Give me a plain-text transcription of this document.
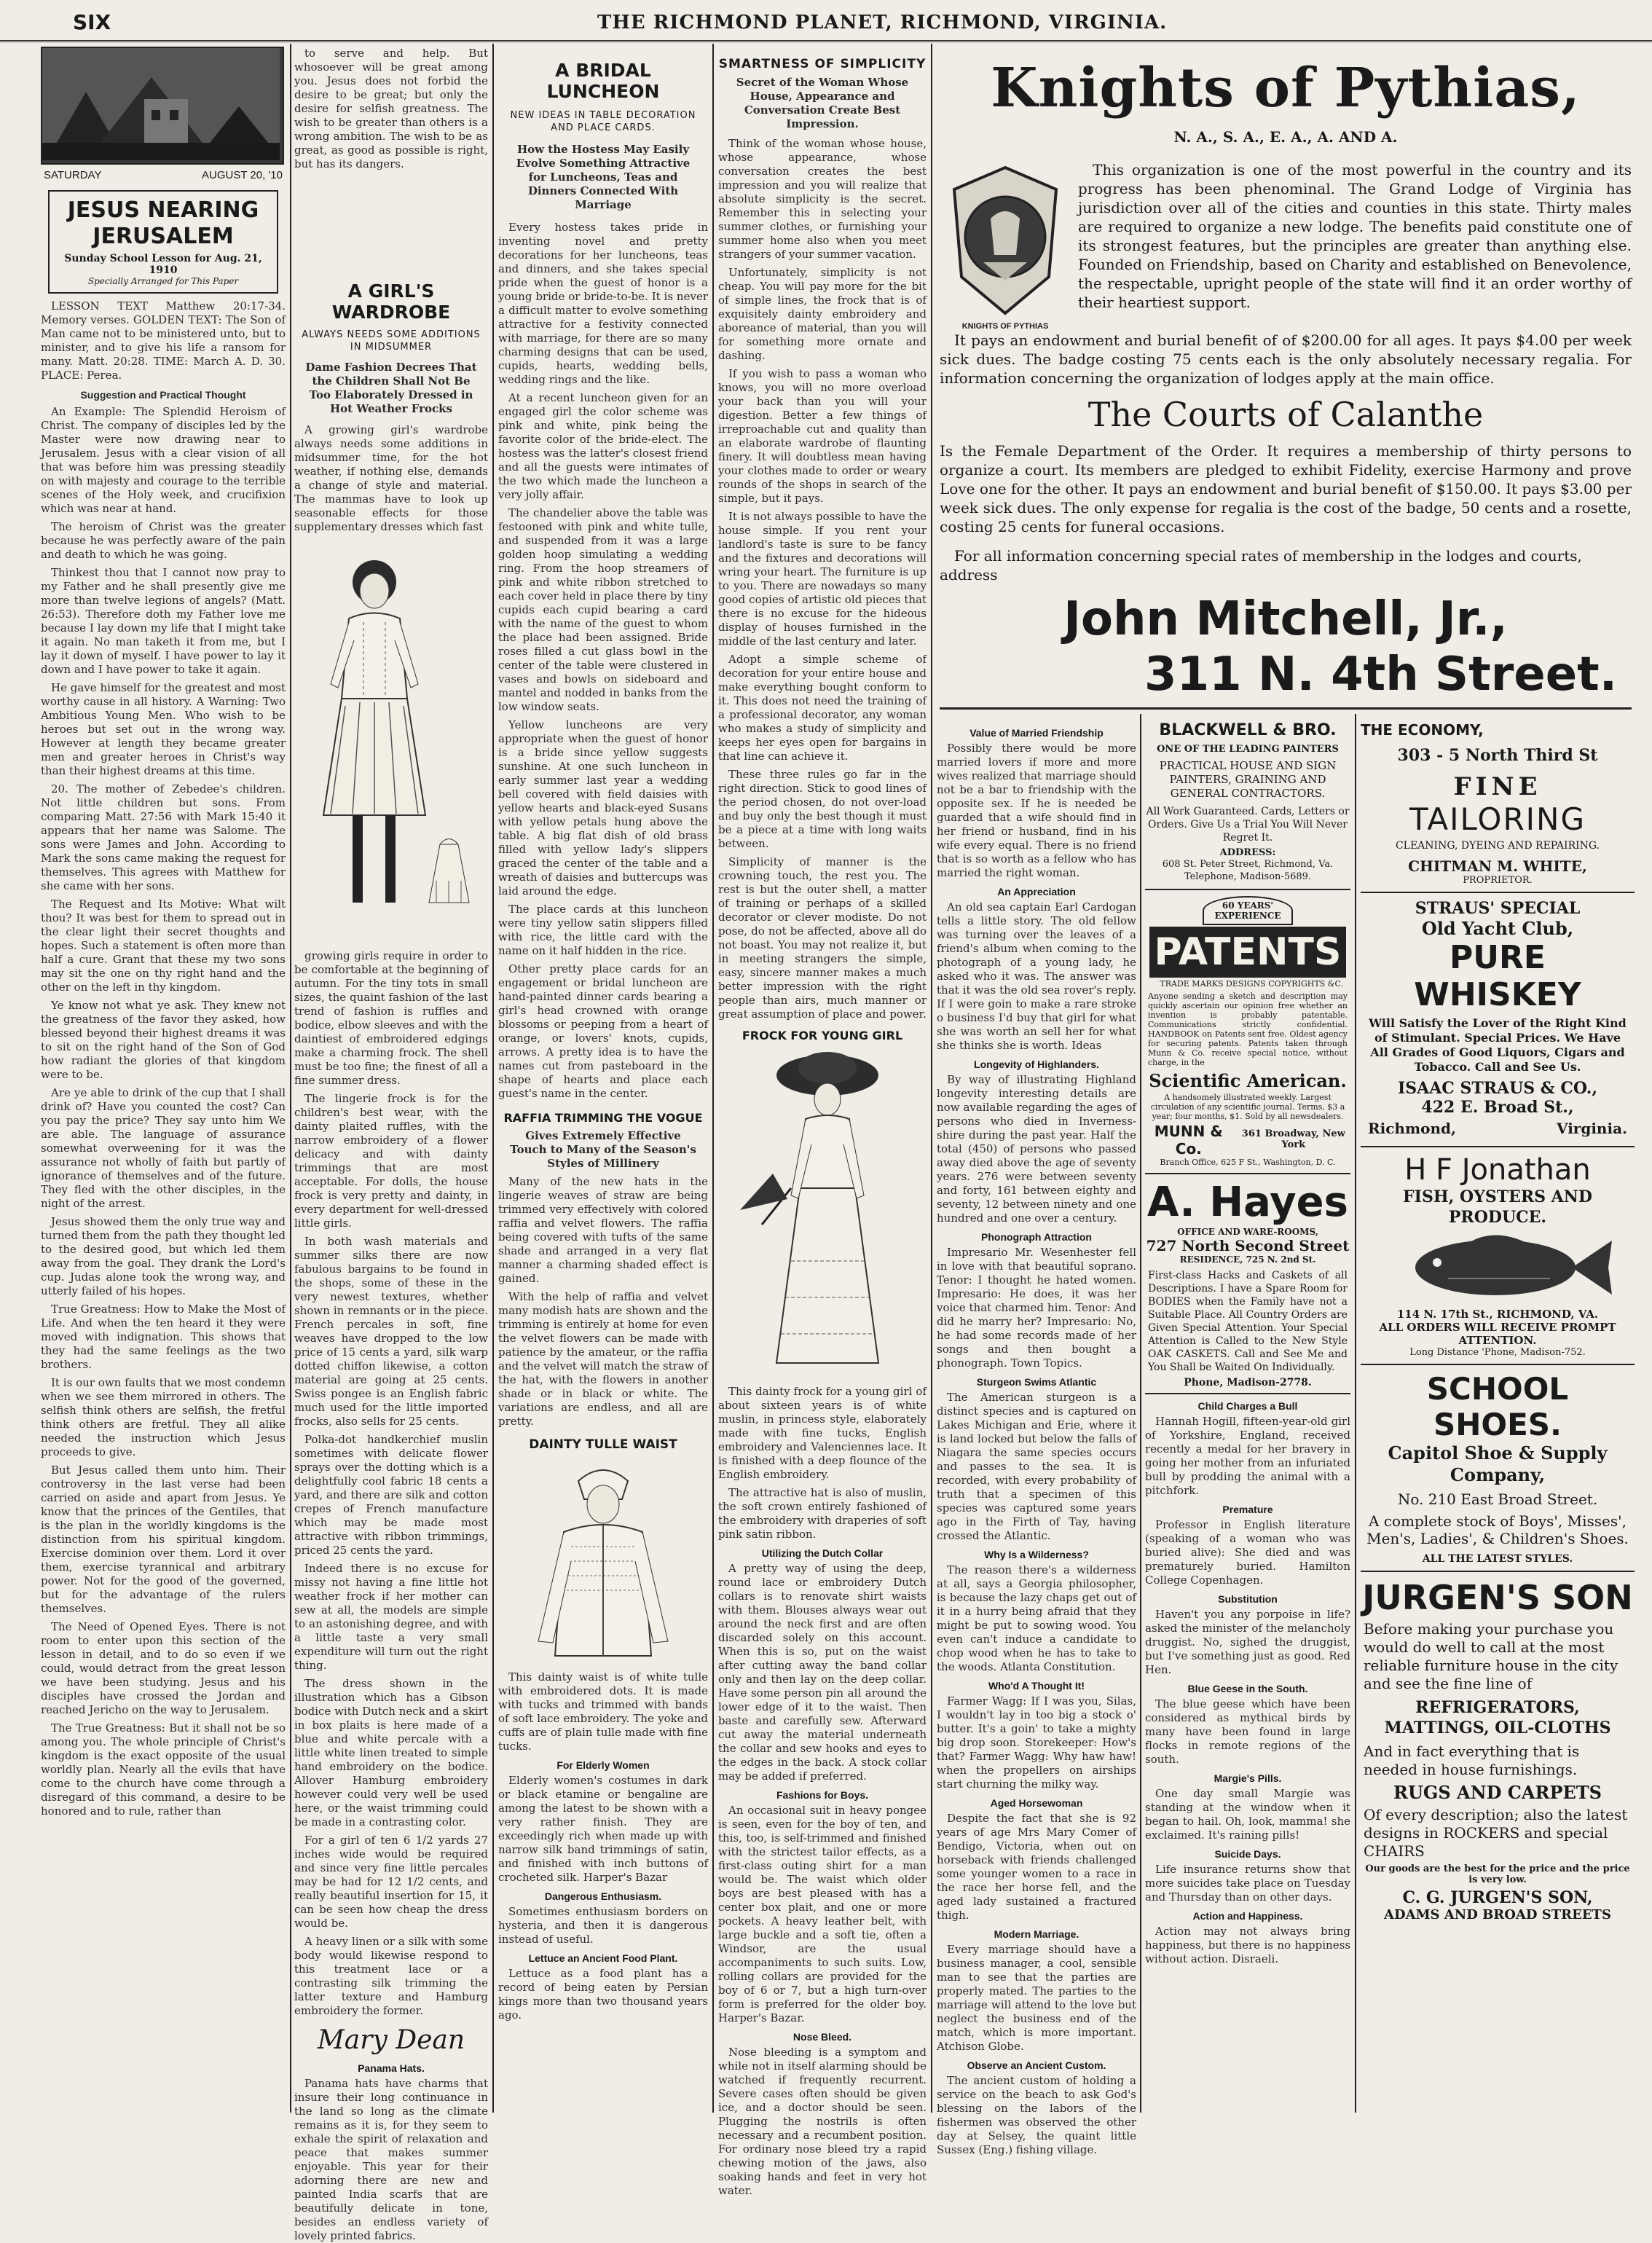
SIX	THE RICHMOND PLANET, RICHMOND, VIRGINIA.
SATURDAY	AUGUST 20, '10
JESUS NEARING JERUSALEM
Sunday School Lesson for Aug. 21, 1910
Specially Arranged for This Paper

LESSON TEXT Matthew 20:17-34. Memory verses. GOLDEN TEXT: The Son of Man came not to be ministered unto, but to minister, and to give his life a ransom for many. Matt. 20:28. TIME: March A. D. 30. PLACE: Perea.

Suggestion and Practical Thought

An Example: The Splendid Heroism of Christ. The company of disciples led by the Master were now drawing near to Jerusalem. Jesus with a clear vision of all that was before him was pressing steadily on with majesty and courage to the terrible scenes of the Holy week, and crucifixion which was near at hand.

The heroism of Christ was the greater because he was perfectly aware of the pain and death to which he was going.

Thinkest thou that I cannot now pray to my Father and he shall presently give me more than twelve legions of angels? (Matt. 26:53). Therefore doth my Father love me because I lay down my life that I might take it again. No man taketh it from me, but I lay it down of myself. I have power to lay it down and I have power to take it again.

He gave himself for the greatest and most worthy cause in all history. A Warning: Two Ambitious Young Men. Who wish to be heroes but set out in the wrong way. However at length they became greater men and greater heroes in Christ's way than their highest dreams at this time.

20. The mother of Zebedee's children. Not little children but sons. From comparing Matt. 27:56 with Mark 15:40 it appears that her name was Salome. The sons were James and John. According to Mark the sons came making the request for themselves. This agrees with Matthew for she came with her sons.

The Request and Its Motive: What wilt thou? It was best for them to spread out in the clear light their secret thoughts and hopes. Such a statement is often more than half a cure. Grant that these my two sons may sit the one on thy right hand and the other on the left in thy kingdom.

Ye know not what ye ask. They knew not the greatness of the favor they asked, how blessed beyond their highest dreams it was to sit on the right hand of the Son of God how radiant the glories of that kingdom were to be.

Are ye able to drink of the cup that I shall drink of? Have you counted the cost? Can you pay the price? They say unto him We are able. The language of assurance somewhat overweening for it was the assurance not wholly of faith but partly of ignorance of themselves and of the future. They fled with the other disciples, in the night of the arrest.

Jesus showed them the only true way and turned them from the path they thought led to the desired good, but which led them away from the goal. They drank the Lord's cup. Judas alone took the wrong way, and utterly failed of his hopes.

True Greatness: How to Make the Most of Life. And when the ten heard it they were moved with indignation. This shows that they had the same feelings as the two brothers.

It is our own faults that we most condemn when we see them mirrored in others. The selfish think others are selfish, the fretful think others are fretful. They all alike needed the instruction which Jesus proceeds to give.

But Jesus called them unto him. Their controversy in the last verse had been carried on aside and apart from Jesus. Ye know that the princes of the Gentiles, that is the plan in the worldly kingdoms is the distinction from his spiritual kingdom. Exercise dominion over them. Lord it over them, exercise tyrannical and arbitrary power. Not for the good of the governed, but for the advantage of the rulers themselves.

The Need of Opened Eyes. There is not room to enter upon this section of the lesson in detail, and to do so even if we could, would detract from the great lesson we have been studying. Jesus and his disciples have crossed the Jordan and reached Jericho on the way to Jerusalem.

The True Greatness: But it shall not be so among you. The whole principle of Christ's kingdom is the exact opposite of the usual worldly plan. Nearly all the evils that have come to the church have come through a disregard of this command, a desire to be honored and to rule, rather than

to serve and help. But whosoever will be great among you. Jesus does not forbid the desire to be great; but only the desire for selfish greatness. The wish to be greater than others is a wrong ambition. The wish to be as great, as good as possible is right, but has its dangers.

A GIRL'S WARDROBE
ALWAYS NEEDS SOME ADDITIONS IN MIDSUMMER
Dame Fashion Decrees That the Children Shall Not Be Too Elaborately Dressed in Hot Weather Frocks

A growing girl's wardrobe always needs some additions in midsummer time, for the hot weather, if nothing else, demands a change of style and material. The mammas have to look up seasonable effects for those supplementary dresses which fast

growing girls require in order to be comfortable at the beginning of autumn. For the tiny tots in small sizes, the quaint fashion of the last trend of fashion is ruffles and bodice, elbow sleeves and with the daintiest of embroidered edgings make a charming frock. The shell must be too fine; the finest of all a fine summer dress.

The lingerie frock is for the children's best wear, with the dainty plaited ruffles, with the narrow embroidery of a flower delicacy and with dainty trimmings that are most acceptable. For dolls, the house frock is very pretty and dainty, in every department for well-dressed little girls.

In both wash materials and summer silks there are now fabulous bargains to be found in the shops, some of these in the very newest textures, whether shown in remnants or in the piece. French percales in soft, fine weaves have dropped to the low price of 15 cents a yard, silk warp dotted chiffon likewise, a cotton material are going at 25 cents. Swiss pongee is an English fabric much used for the little imported frocks, also sells for 25 cents.

Polka-dot handkerchief muslin sometimes with delicate flower sprays over the dotting which is a delightfully cool fabric 18 cents a yard, and there are silk and cotton crepes of French manufacture which may be made most attractive with ribbon trimmings, priced 25 cents the yard.

Indeed there is no excuse for missy not having a fine little hot weather frock if her mother can sew at all, the models are simple to an astonishing degree, and with a little taste a very small expenditure will turn out the right thing.

The dress shown in the illustration which has a Gibson bodice with Dutch neck and a skirt in box plaits is here made of a blue and white percale with a little white linen treated to simple hand embroidery on the bodice. Allover Hamburg embroidery however could very well be used here, or the waist trimming could be made in a contrasting color.

For a girl of ten 6 1/2 yards 27 inches wide would be required and since very fine little percales may be had for 12 1/2 cents, and really beautiful insertion for 15, it can be seen how cheap the dress would be.

A heavy linen or a silk with some body would likewise respond to this treatment lace or a contrasting silk trimming the latter texture and Hamburg embroidery the former.

Mary Dean
Panama Hats.

Panama hats have charms that insure their long continuance in the land so long as the climate remains as it is, for they seem to exhale the spirit of relaxation and peace that makes summer enjoyable. This year for their adorning there are new and painted India scarfs that are beautifully delicate in tone, besides an endless variety of lovely printed fabrics.

A BRIDAL LUNCHEON
NEW IDEAS IN TABLE DECORATION AND PLACE CARDS.
How the Hostess May Easily Evolve Something Attractive for Luncheons, Teas and Dinners Connected With Marriage

Every hostess takes pride in inventing novel and pretty decorations for her luncheons, teas and dinners, and she takes special pride when the guest of honor is a young bride or bride-to-be. It is never a difficult matter to evolve something attractive for a festivity connected with marriage, for there are so many charming designs that can be used, cupids, hearts, wedding bells, wedding rings and the like.

At a recent luncheon given for an engaged girl the color scheme was pink and white, pink being the favorite color of the bride-elect. The hostess was the latter's closest friend and all the guests were intimates of the two which made the luncheon a very jolly affair.

The chandelier above the table was festooned with pink and white tulle, and suspended from it was a large golden hoop simulating a wedding ring. From the hoop streamers of pink and white ribbon stretched to each cover held in place there by tiny cupids each cupid bearing a card with the name of the guest to whom the place had been assigned. Bride roses filled a cut glass bowl in the center of the table were clustered in vases and bowls on sideboard and mantel and nodded in banks from the low window seats.

Yellow luncheons are very appropriate when the guest of honor is a bride since yellow suggests sunshine. At one such luncheon in early summer last year a wedding bell covered with field daisies with yellow hearts and black-eyed Susans with yellow petals hung above the table. A big flat dish of old brass filled with yellow lady's slippers graced the center of the table and a wreath of daisies and buttercups was laid around the edge.

The place cards at this luncheon were tiny yellow satin slippers filled with rice, the little card with the name on it half hidden in the rice.

Other pretty place cards for an engagement or bridal luncheon are hand-painted dinner cards bearing a girl's head crowned with orange blossoms or peeping from a heart of orange, or lovers' knots, cupids, arrows. A pretty idea is to have the names cut from pasteboard in the shape of hearts and place each guest's name in the center.

RAFFIA TRIMMING THE VOGUE
Gives Extremely Effective Touch to Many of the Season's Styles of Millinery

Many of the new hats in the lingerie weaves of straw are being trimmed very effectively with colored raffia and velvet flowers. The raffia being covered with tufts of the same shade and arranged in a very flat manner a charming shaded effect is gained.

With the help of raffia and velvet many modish hats are shown and the trimming is entirely at home for even the velvet flowers can be made with patience by the amateur, or the raffia and the velvet will match the straw of the hat, with the flowers in another shade or in black or white. The variations are endless, and all are pretty.

DAINTY TULLE WAIST

This dainty waist is of white tulle with embroidered dots. It is made with tucks and trimmed with bands of soft lace embroidery. The yoke and cuffs are of plain tulle made with fine tucks.

For Elderly Women

Elderly women's costumes in dark or black etamine or bengaline are among the latest to be shown with a very rather finish. They are exceedingly rich when made up with narrow silk band trimmings of satin, and finished with inch buttons of crocheted silk. Harper's Bazar

Dangerous Enthusiasm.

Sometimes enthusiasm borders on hysteria, and then it is dangerous instead of useful.

Lettuce an Ancient Food Plant.

Lettuce as a food plant has a record of being eaten by Persian kings more than two thousand years ago.

SMARTNESS OF SIMPLICITY
Secret of the Woman Whose House, Appearance and Conversation Create Best Impression.

Think of the woman whose house, whose appearance, whose conversation creates the best impression and you will realize that absolute simplicity is the secret. Remember this in selecting your summer clothes, or furnishing your summer home also when you meet strangers of your summer vacation.

Unfortunately, simplicity is not cheap. You will pay more for the bit of simple lines, the frock that is of exquisitely dainty embroidery and aboreance of material, than you will for something more ornate and dashing.

If you wish to pass a woman who knows, you will no more overload your back than you will your digestion. Better a few things of irreproachable cut and quality than an elaborate wardrobe of flaunting finery. It will doubtless mean having your clothes made to order or weary rounds of the shops in search of the simple, but it pays.

It is not always possible to have the house simple. If you rent your landlord's taste is sure to be fancy and the fixtures and decorations will wring your heart. The furniture is up to you. There are nowadays so many good copies of artistic old pieces that there is no excuse for the hideous display of houses furnished in the middle of the last century and later.

Adopt a simple scheme of decoration for your entire house and make everything bought conform to it. This does not need the training of a professional decorator, any woman who makes a study of simplicity and keeps her eyes open for bargains in that line can achieve it.

These three rules go far in the right direction. Stick to good lines of the period chosen, do not over-load and buy only the best though it must be a piece at a time with long waits between.

Simplicity of manner is the crowning touch, the rest you. The rest is but the outer shell, a matter of training or perhaps of a skilled decorator or clever modiste. Do not pose, do not be affected, above all do not boast. You may not realize it, but in meeting strangers the simple, easy, sincere manner makes a much better impression with the right people than airs, much manner or great assumption of place and power.

FROCK FOR YOUNG GIRL

This dainty frock for a young girl of about sixteen years is of white muslin, in princess style, elaborately made with fine tucks, English embroidery and Valenciennes lace. It is finished with a deep flounce of the English embroidery.

The attractive hat is also of muslin, the soft crown entirely fashioned of the embroidery with draperies of soft pink satin ribbon.

Utilizing the Dutch Collar

A pretty way of using the deep, round lace or embroidery Dutch collars is to renovate shirt waists with them. Blouses always wear out around the neck first and are often discarded solely on this account. When this is so, put on the waist after cutting away the band collar only and then lay on the deep collar. Have some person pin all around the lower edge of it to the waist. Then baste and carefully sew. Afterward cut away the material underneath the collar and sew hooks and eyes to the edges in the back. A stock collar may be added if preferred.

Fashions for Boys.

An occasional suit in heavy pongee is seen, even for the boy of ten, and this, too, is self-trimmed and finished with the strictest tailor effects, as a first-class outing shirt for a man would be. The waist which older boys are best pleased with has a center box plait, and one or more pockets. A heavy leather belt, with large buckle and a soft tie, often a Windsor, are the usual accompaniments to such suits. Low, rolling collars are provided for the boy of 6 or 7, but a high turn-over form is preferred for the older boy. Harper's Bazar.

Nose Bleed.

Nose bleeding is a symptom and while not in itself alarming should be watched if frequently recurrent. Severe cases often should be given ice, and a doctor should be seen. Plugging the nostrils is often necessary and a recumbent position. For ordinary nose bleed try a rapid chewing motion of the jaws, also soaking hands and feet in very hot water.

Knights of Pythias,
N. A., S. A., E. A., A. AND A.
KNIGHTS OF PYTHIAS

This organization is one of the most powerful in the country and its progress has been phenominal. The Grand Lodge of Virginia has jurisdiction over all of the cities and counties in this state. Thirty males are required to organize a new lodge. The benefits paid constitute one of its strongest features, but the principles are greater than anything else. Founded on Friendship, based on Charity and established on Benevolence, the respectable, upright people of the state will find it an order worthy of their heartiest support.

It pays an endowment and burial benefit of of $200.00 for all ages. It pays $4.00 per week sick dues. The badge costing 75 cents each is the only absolutely necessary regalia. For information concerning the organization of lodges apply at the main office.

The Courts of Calanthe

Is the Female Department of the Order. It requires a membership of thirty persons to organize a court. Its members are pledged to exhibit Fidelity, exercise Harmony and prove Love one for the other. It pays an endowment and burial benefit of $150.00. It pays $3.00 per week sick dues. The only expense for regalia is the cost of the badge, 50 cents and a rosette, costing 25 cents for funeral occasions.

For all information concerning special rates of membership in the lodges and courts, address

John Mitchell, Jr.,
311 N. 4th Street.
Value of Married Friendship

Possibly there would be more married lovers if more and more wives realized that marriage should not be a bar to friendship with the opposite sex. If he is needed be guarded that a wife should find in her friend or husband, find in his wife every equal. There is no friend that is so worth as a fellow who has married the right woman.

An Appreciation

An old sea captain Earl Cardogan tells a little story. The old fellow was turning over the leaves of a friend's album when coming to the photograph of a young lady, he asked who it was. The answer was that it was the old sea rover's reply. If I were goin to make a rare stroke o business I'd buy that girl for what she was worth an sell her for what she thinks she is worth. Ideas

Longevity of Highlanders.

By way of illustrating Highland longevity interesting details are now available regarding the ages of persons who died in Inverness-shire during the past year. Half the total (450) of persons who passed away died above the age of seventy years. 276 were between seventy and forty, 161 between eighty and seventy, 12 between ninety and one hundred and one over a century.

Phonograph Attraction

Impresario Mr. Wesenhester fell in love with that beautiful soprano. Tenor: I thought he hated women. Impresario: He does, it was her voice that charmed him. Tenor: And did he marry her? Impresario: No, he had some records made of her songs and then bought a phonograph. Town Topics.

Sturgeon Swims Atlantic

The American sturgeon is a distinct species and is captured on Lakes Michigan and Erie, where it is land locked but below the falls of Niagara the same species occurs and passes to the sea. It is recorded, with every probability of truth that a specimen of this species was captured some years ago in the Firth of Tay, having crossed the Atlantic.

Why Is a Wilderness?

The reason there's a wilderness at all, says a Georgia philosopher, is because the lazy chaps get out of it in a hurry being afraid that they might be put to sowing wood. You even can't induce a candidate to chop wood when he has to take to the woods. Atlanta Constitution.

Who'd A Thought It!

Farmer Wagg: If I was you, Silas, I wouldn't lay in too big a stock o' butter. It's a goin' to take a mighty big drop soon. Storekeeper: How's that? Farmer Wagg: Why haw haw! when the propellers on airships start churning the milky way.

Aged Horsewoman

Despite the fact that she is 92 years of age Mrs Mary Comer of Bendigo, Victoria, when out on horseback with friends challenged some younger women to a race in the race her horse fell, and the aged lady sustained a fractured thigh.

Modern Marriage.

Every marriage should have a business manager, a cool, sensible man to see that the parties are properly mated. The parties to the marriage will attend to the love but neglect the business end of the match, which is more important. Atchison Globe.

Observe an Ancient Custom.

The ancient custom of holding a service on the beach to ask God's blessing on the labors of the fishermen was observed the other day at Selsey, the quaint little Sussex (Eng.) fishing village.

BLACKWELL & BRO.
ONE OF THE LEADING PAINTERS
PRACTICAL HOUSE AND SIGN PAINTERS, GRAINING AND GENERAL CONTRACTORS.
All Work Guaranteed. Cards, Letters or Orders. Give Us a Trial You Will Never Regret It.
ADDRESS:
608 St. Peter Street, Richmond, Va. Telephone, Madison-5689.
60 YEARS'
EXPERIENCE
PATENTS
TRADE MARKS DESIGNS COPYRIGHTS &C.
Anyone sending a sketch and description may quickly ascertain our opinion free whether an invention is probably patentable. Communications strictly confidential. HANDBOOK on Patents sent free. Oldest agency for securing patents. Patents taken through Munn & Co. receive special notice, without charge, in the
Scientific American.
A handsomely illustrated weekly. Largest circulation of any scientific journal. Terms, $3 a year; four months, $1. Sold by all newsdealers.
MUNN & Co.
361 Broadway, New York
Branch Office, 625 F St., Washington, D. C.
A. Hayes
OFFICE AND WARE-ROOMS,
727 North Second Street
RESIDENCE, 725 N. 2nd St.
First-class Hacks and Caskets of all Descriptions. I have a Spare Room for BODIES when the Family have not a Suitable Place. All Country Orders are Given Special Attention. Your Special Attention is Called to the New Style OAK CASKETS. Call and See Me and You Shall be Waited On Individually.
Phone, Madison-2778.
Child Charges a Bull

Hannah Hogill, fifteen-year-old girl of Yorkshire, England, received recently a medal for her bravery in going her mother from an infuriated bull by prodding the animal with a pitchfork.

Premature

Professor in English literature (speaking of a woman who was buried alive): She died and was prematurely buried. Hamilton College Copenhagen.

Substitution

Haven't you any porpoise in life? asked the minister of the melancholy druggist. No, sighed the druggist, but I've something just as good. Red Hen.

Blue Geese in the South.

The blue geese which have been considered as mythical birds by many have been found in large flocks in remote regions of the south.

Margie's Pills.

One day small Margie was standing at the window when it began to hail. Oh, look, mamma! she exclaimed. It's raining pills!

Suicide Days.

Life insurance returns show that more suicides take place on Tuesday and Thursday than on other days.

Action and Happiness.

Action may not always bring happiness, but there is no happiness without action. Disraeli.

THE ECONOMY,
303 - 5 North Third St
FINE
TAILORING
CLEANING, DYEING AND REPAIRING.
CHITMAN M. WHITE,
PROPRIETOR.
STRAUS' SPECIAL
Old Yacht Club,
PURE WHISKEY
Will Satisfy the Lover of the Right Kind of Stimulant. Special Prices. We Have All Grades of Good Liquors, Cigars and Tobacco. Call and See Us.
ISAAC STRAUS & CO.,
422 E. Broad St.,
Richmond,	Virginia.
H F Jonathan
FISH, OYSTERS AND PRODUCE.
114 N. 17th St., RICHMOND, VA.
ALL ORDERS WILL RECEIVE PROMPT ATTENTION.
Long Distance 'Phone, Madison-752.
SCHOOL SHOES.
Capitol Shoe & Supply Company,
No. 210 East Broad Street.
A complete stock of Boys', Misses', Men's, Ladies', & Children's Shoes.
ALL THE LATEST STYLES.
JURGEN'S SON
Before making your purchase you would do well to call at the most reliable furniture house in the city and see the fine line of
REFRIGERATORS, MATTINGS, OIL-CLOTHS
And in fact everything that is needed in house furnishings.
RUGS AND CARPETS
Of every description; also the latest designs in ROCKERS and special CHAIRS
Our goods are the best for the price and the price is very low.
C. G. JURGEN'S SON,
ADAMS AND BROAD STREETS
